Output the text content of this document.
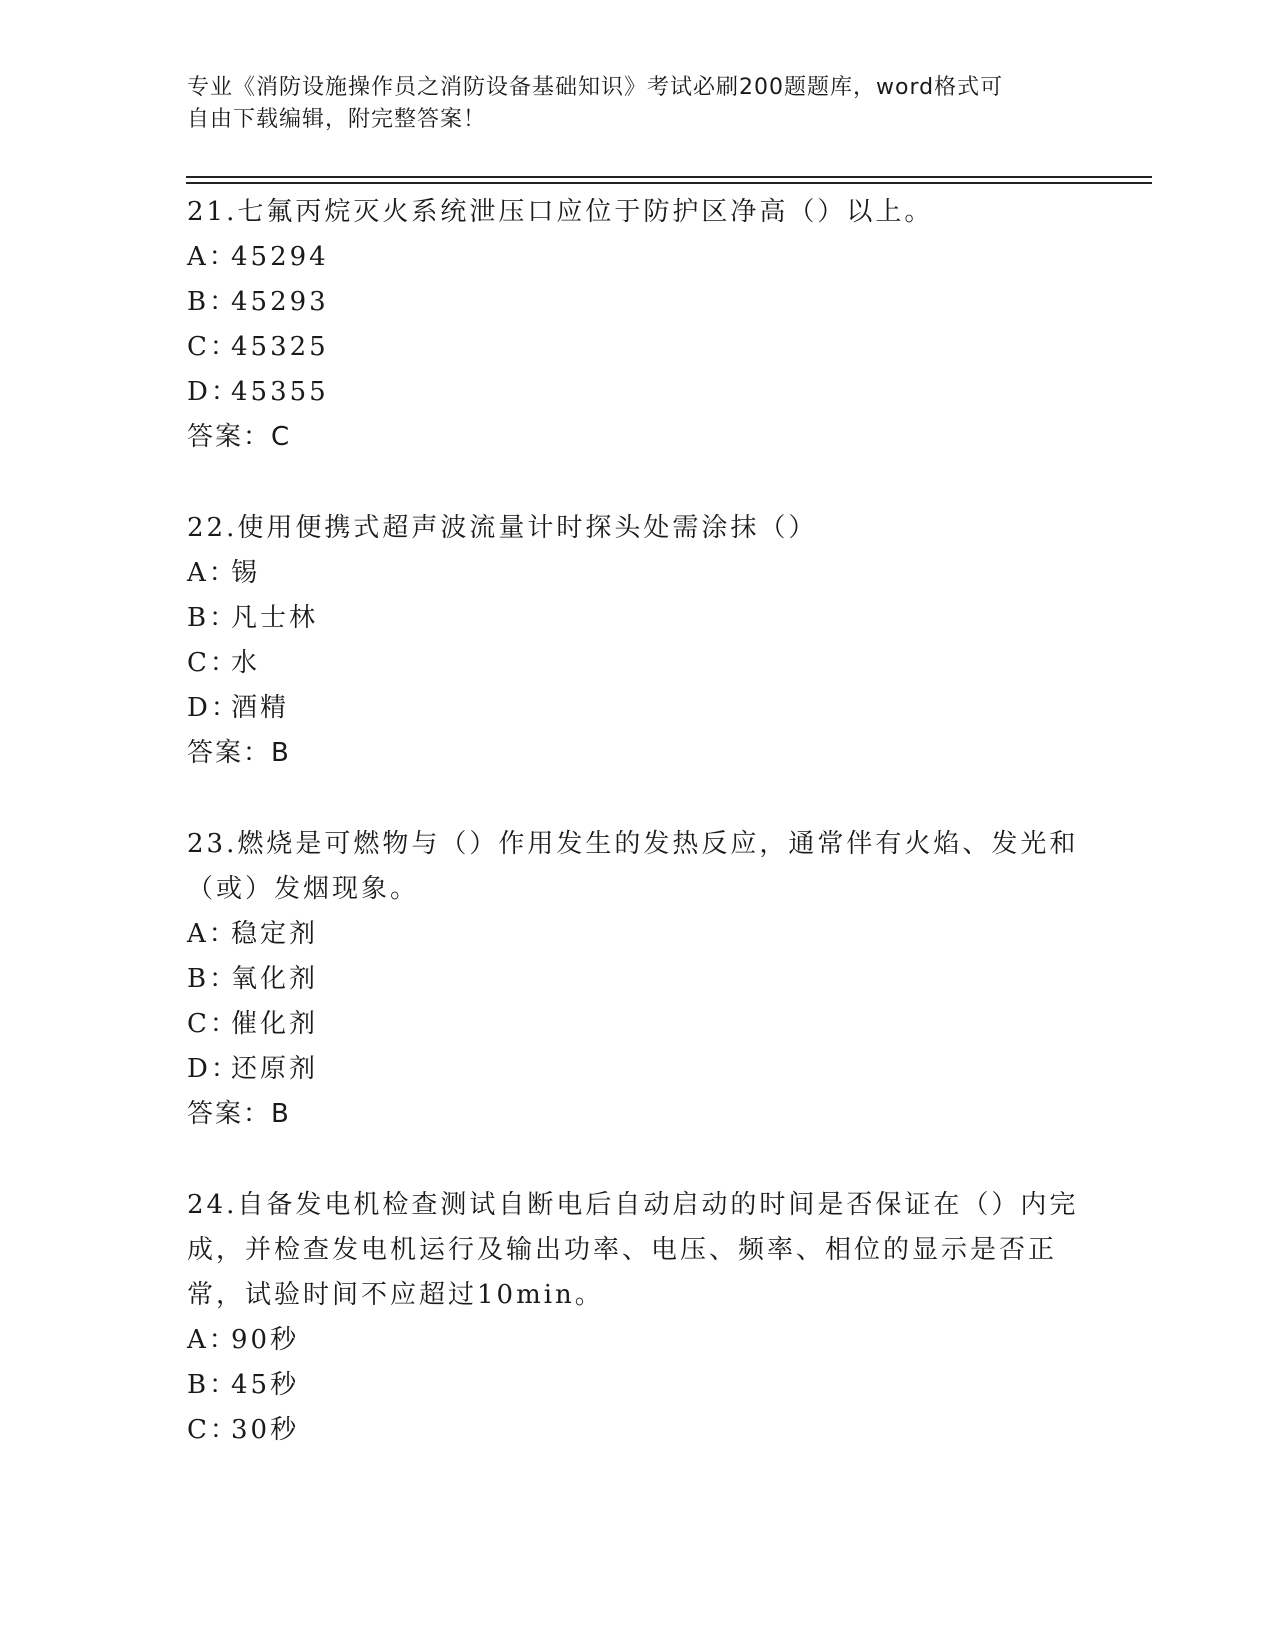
专业《消防设施操作员之消防设备基础知识》考试必刷200题题库，word格式可
自由下载编辑，附完整答案！
21.七氟丙烷灭火系统泄压口应位于防护区净高（）以上。
A：45294
B：45293
C：45325
D：45355
答案：C
22.使用便携式超声波流量计时探头处需涂抹（）
A：锡
B：凡士林
C：水
D：酒精
答案：B
23.燃烧是可燃物与（）作用发生的发热反应，通常伴有火焰、发光和（或）发烟现象。
A：稳定剂
B：氧化剂
C：催化剂
D：还原剂
答案：B
24.自备发电机检查测试自断电后自动启动的时间是否保证在（）内完成，并检查发电机运行及输出功率、电压、频率、相位的显示是否正常，试验时间不应超过10min。
A：90秒
B：45秒
C：30秒
